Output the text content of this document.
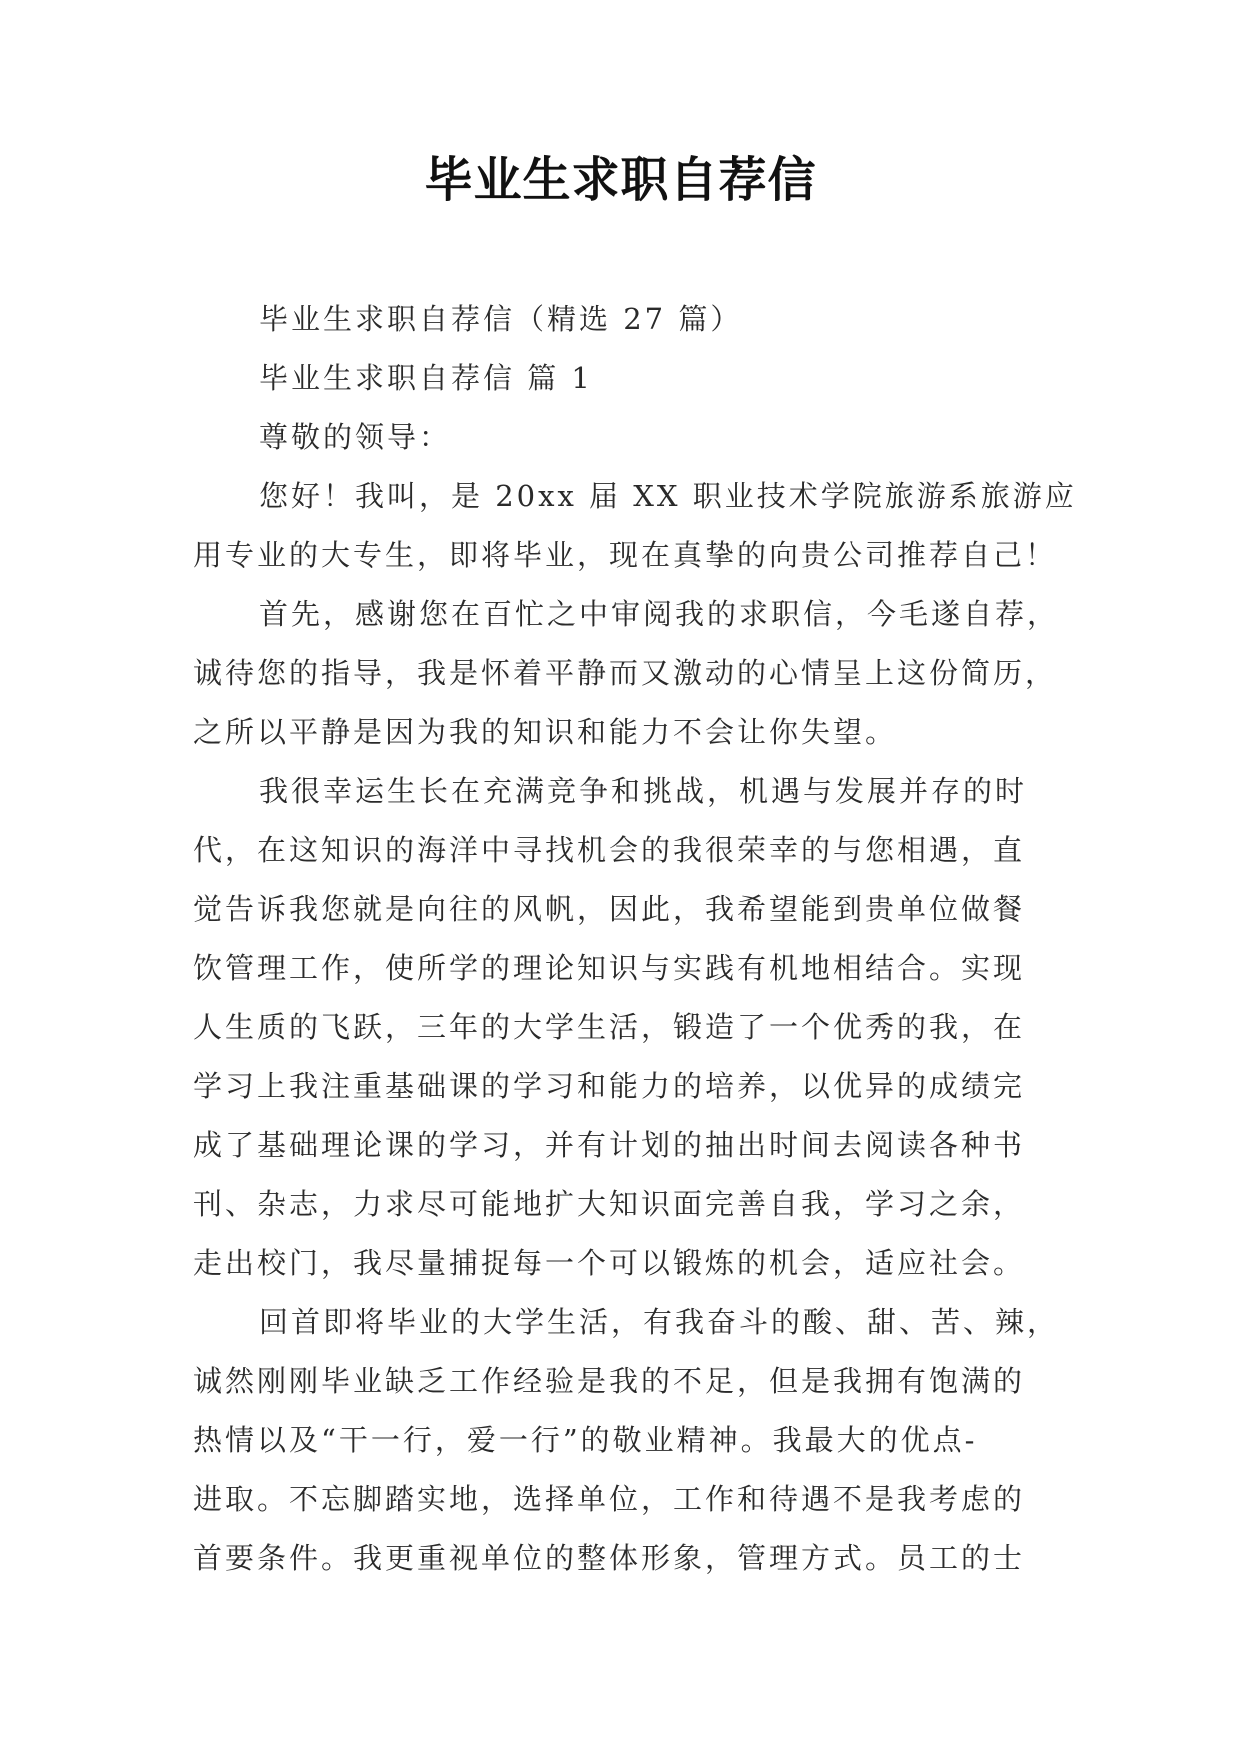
毕业生求职自荐信

毕业生求职自荐信（精选 27 篇）

毕业生求职自荐信 篇 1

尊敬的领导：

您好！我叫，是 20xx 届 XX 职业技术学院旅游系旅游应

用专业的大专生，即将毕业，现在真挚的向贵公司推荐自己！

首先，感谢您在百忙之中审阅我的求职信，今毛遂自荐，

诚待您的指导，我是怀着平静而又激动的心情呈上这份简历，

之所以平静是因为我的知识和能力不会让你失望。

我很幸运生长在充满竞争和挑战，机遇与发展并存的时

代，在这知识的海洋中寻找机会的我很荣幸的与您相遇，直

觉告诉我您就是向往的风帆，因此，我希望能到贵单位做餐

饮管理工作，使所学的理论知识与实践有机地相结合。实现

人生质的飞跃，三年的大学生活，锻造了一个优秀的我，在

学习上我注重基础课的学习和能力的培养，以优异的成绩完

成了基础理论课的学习，并有计划的抽出时间去阅读各种书

刊、杂志，力求尽可能地扩大知识面完善自我，学习之余，

走出校门，我尽量捕捉每一个可以锻炼的机会，适应社会。

回首即将毕业的大学生活，有我奋斗的酸、甜、苦、辣，

诚然刚刚毕业缺乏工作经验是我的不足，但是我拥有饱满的

热情以及“干一行，爱一行”的敬业精神。我最大的优点-

进取。不忘脚踏实地，选择单位，工作和待遇不是我考虑的

首要条件。我更重视单位的整体形象，管理方式。员工的士
